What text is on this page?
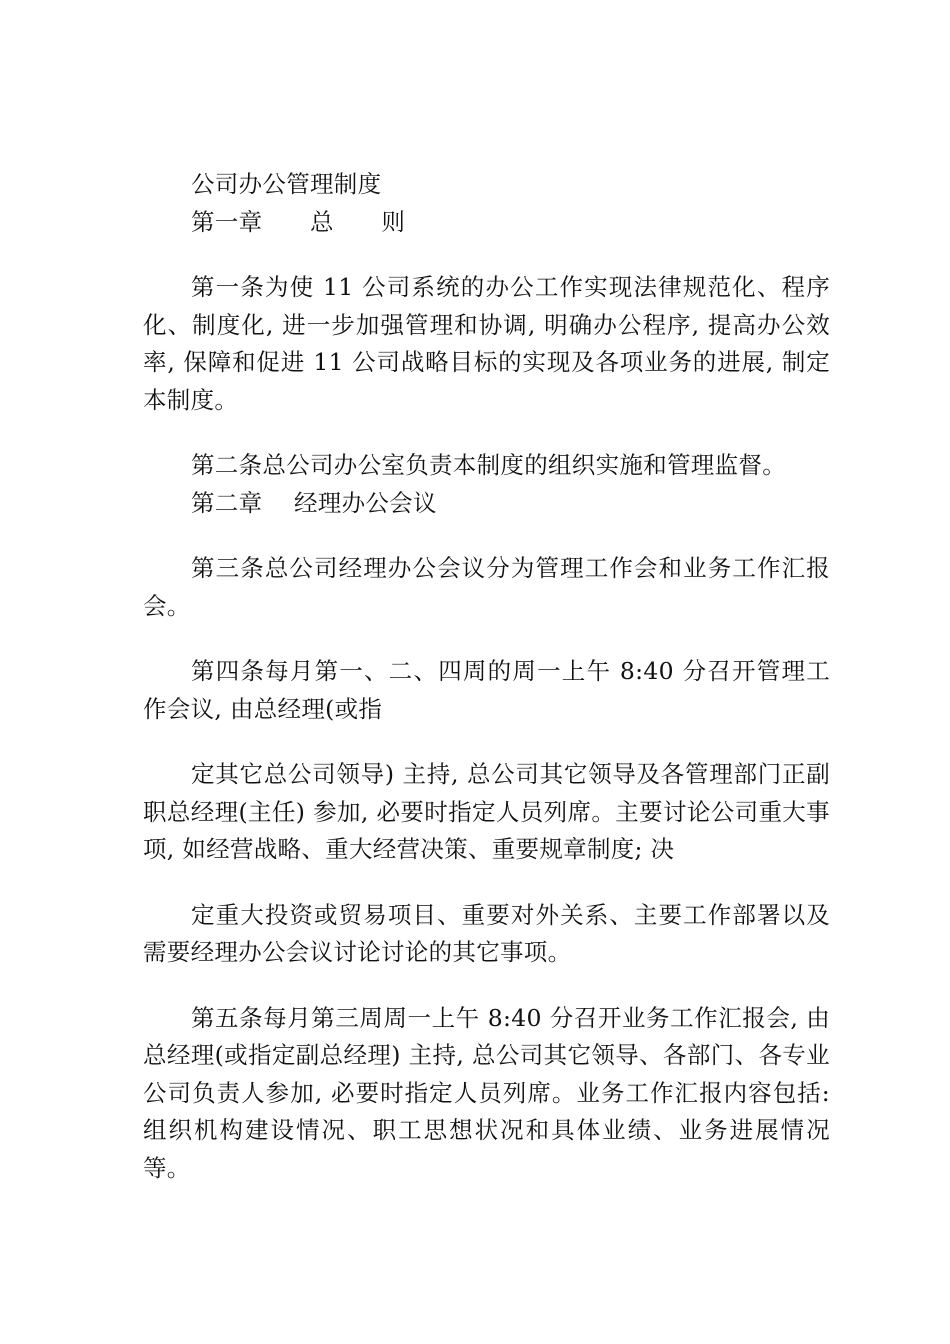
公司办公管理制度

第一章　　总　　则

第一条为使 11 公司系统的办公工作实现法律规范化、程序化、制度化, 进一步加强管理和协调, 明确办公程序, 提高办公效率, 保障和促进 11 公司战略目标的实现及各项业务的进展, 制定本制度。

第二条总公司办公室负责本制度的组织实施和管理监督。

第二章　 经理办公会议

第三条总公司经理办公会议分为管理工作会和业务工作汇报会。

第四条每月第一、二、四周的周一上午 8:40 分召开管理工作会议, 由总经理(或指

定其它总公司领导) 主持, 总公司其它领导及各管理部门正副职总经理(主任) 参加, 必要时指定人员列席。主要讨论公司重大事项, 如经营战略、重大经营决策、重要规章制度; 决

定重大投资或贸易项目、重要对外关系、主要工作部署以及需要经理办公会议讨论讨论的其它事项。

第五条每月第三周周一上午 8:40 分召开业务工作汇报会, 由总经理(或指定副总经理) 主持, 总公司其它领导、各部门、各专业公司负责人参加, 必要时指定人员列席。业务工作汇报内容包括: 组织机构建设情况、职工思想状况和具体业绩、业务进展情况等。
